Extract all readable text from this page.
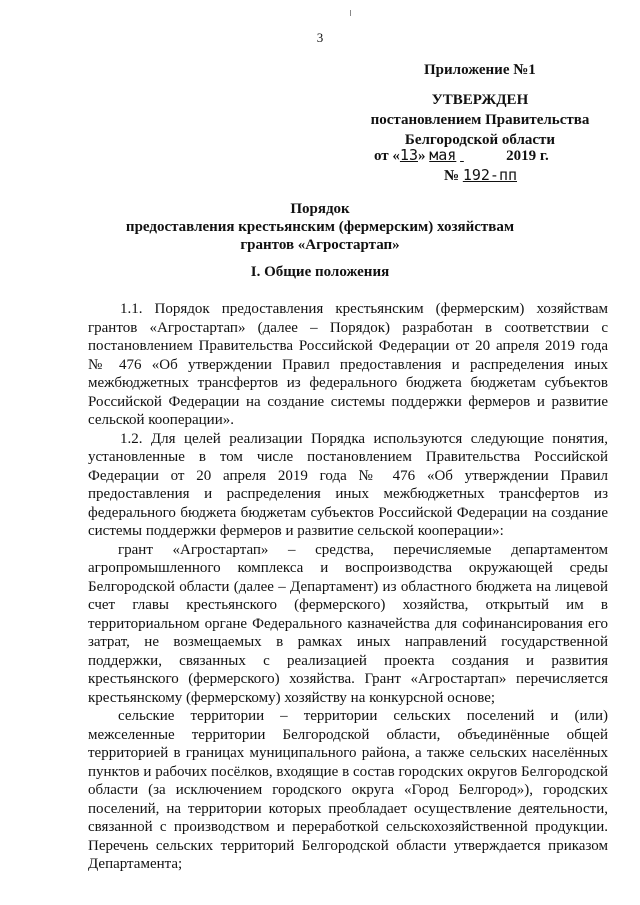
3
Приложение №1
УТВЕРЖДЕН
постановлением Правительства
Белгородской области
от «13» мая	2019 г.
№ 192-пп
Порядок
предоставления крестьянским (фермерским) хозяйствам
грантов «Агростартап»
I. Общие положения

1.1. Порядок предоставления крестьянским (фермерским) хозяйствам грантов «Агростартап» (далее – Порядок) разработан в соответствии с постановлением Правительства Российской Федерации от 20 апреля 2019 года № 476 «Об утверждении Правил предоставления и распределения иных межбюджетных трансфертов из федерального бюджета бюджетам субъектов Российской Федерации на создание системы поддержки фермеров и развитие сельской кооперации».

1.2. Для целей реализации Порядка используются следующие понятия, установленные в том числе постановлением Правительства Российской Федерации от 20 апреля 2019 года № 476 «Об утверждении Правил предоставления и распределения иных межбюджетных трансфертов из федерального бюджета бюджетам субъектов Российской Федерации на создание системы поддержки фермеров и развитие сельской кооперации»:

грант «Агростартап» – средства, перечисляемые департаментом агропромышленного комплекса и воспроизводства окружающей среды Белгородской области (далее – Департамент) из областного бюджета на лицевой счет главы крестьянского (фермерского) хозяйства, открытый им в территориальном органе Федерального казначейства для софинансирования его затрат, не возмещаемых в рамках иных направлений государственной поддержки, связанных с реализацией проекта создания и развития крестьянского (фермерского) хозяйства. Грант «Агростартап» перечисляется крестьянскому (фермерскому) хозяйству на конкурсной основе;

сельские территории – территории сельских поселений и (или) межселенные территории Белгородской области, объединённые общей территорией в границах муниципального района, а также сельских населённых пунктов и рабочих посёлков, входящие в состав городских округов Белгородской области (за исключением городского округа «Город Белгород»), городских поселений, на территории которых преобладает осуществление деятельности, связанной с производством и переработкой сельскохозяйственной продукции. Перечень сельских территорий Белгородской области утверждается приказом Департамента;
